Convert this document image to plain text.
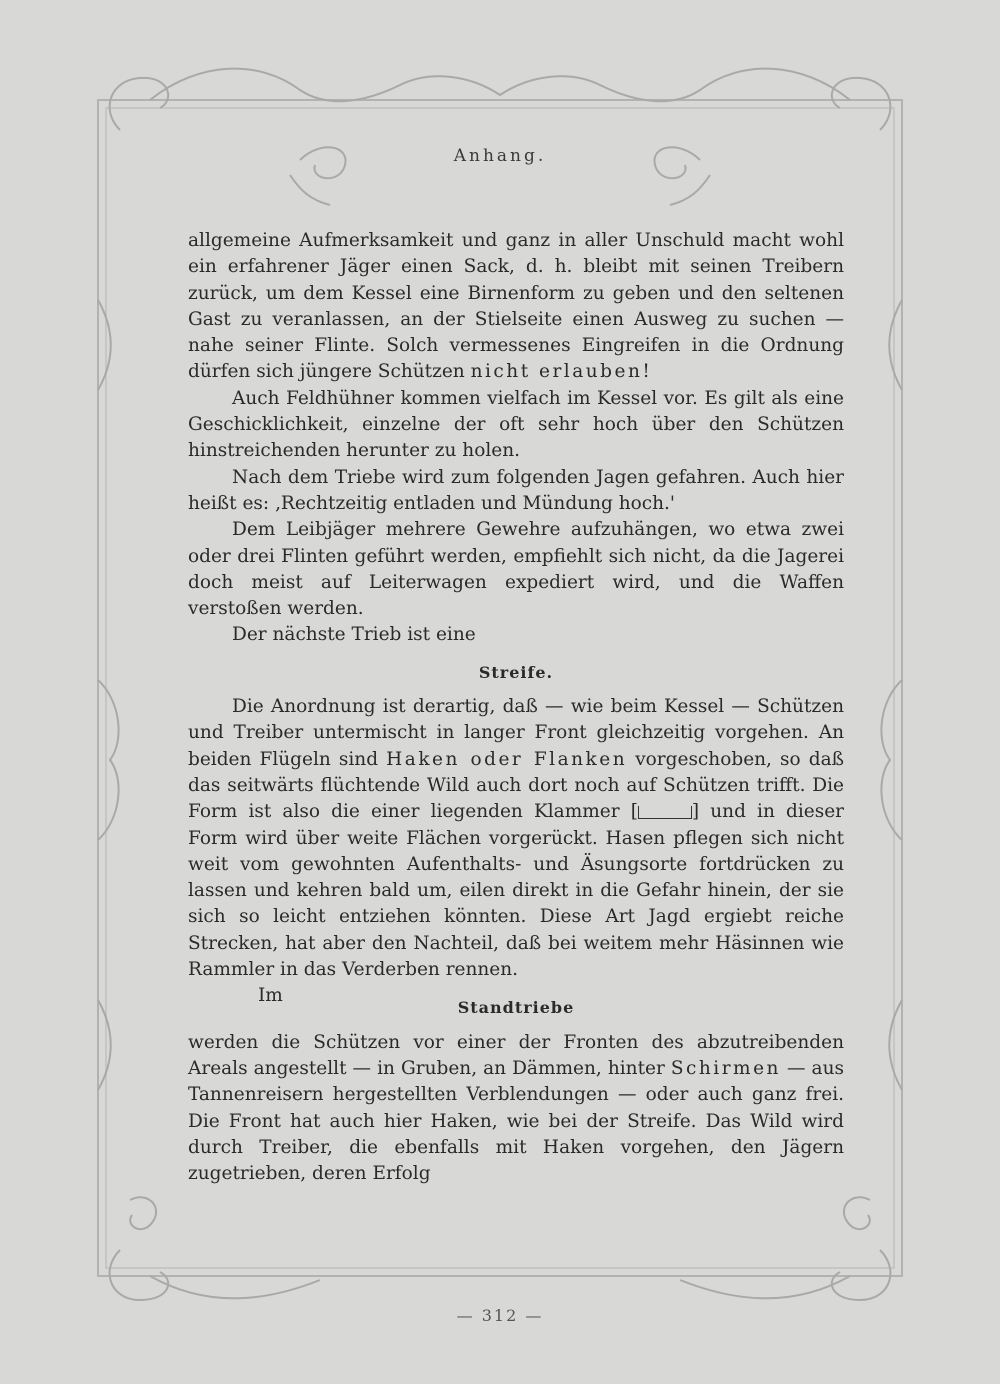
Anhang.

allgemeine Aufmerksamkeit und ganz in aller Unschuld macht wohl ein erfahrener Jäger einen Sack, d. h. bleibt mit seinen Treibern zurück, um dem Kessel eine Birnenform zu geben und den seltenen Gast zu veranlassen, an der Stielseite einen Ausweg zu suchen — nahe seiner Flinte. Solch vermessenes Eingreifen in die Ordnung dürfen sich jüngere Schützen nicht erlauben!

Auch Feldhühner kommen vielfach im Kessel vor. Es gilt als eine Geschicklichkeit, einzelne der oft sehr hoch über den Schützen hinstreichenden herunter zu holen.

Nach dem Triebe wird zum folgenden Jagen gefahren. Auch hier heißt es: ‚Rechtzeitig entladen und Mündung hoch.'

Dem Leibjäger mehrere Gewehre aufzuhängen, wo etwa zwei oder drei Flinten geführt werden, empfiehlt sich nicht, da die Jagerei doch meist auf Leiterwagen expediert wird, und die Waffen verstoßen werden.

Der nächste Trieb ist eine

Streife.

Die Anordnung ist derartig, daß — wie beim Kessel — Schützen und Treiber untermischt in langer Front gleichzeitig vorgehen. An beiden Flügeln sind Haken oder Flanken vorgeschoben, so daß das seitwärts flüchtende Wild auch dort noch auf Schützen trifft. Die Form ist also die einer liegenden Klammer [	] und in dieser Form wird über weite Flächen vorgerückt. Hasen pflegen sich nicht weit vom gewohnten Aufenthalts- und Äsungsorte fortdrücken zu lassen und kehren bald um, eilen direkt in die Gefahr hinein, der sie sich so leicht entziehen könnten. Diese Art Jagd ergiebt reiche Strecken, hat aber den Nachteil, daß bei weitem mehr Häsinnen wie Rammler in das Verderben rennen.

Im

Standtriebe

werden die Schützen vor einer der Fronten des abzutreibenden Areals angestellt — in Gruben, an Dämmen, hinter Schirmen — aus Tannenreisern hergestellten Verblendungen — oder auch ganz frei. Die Front hat auch hier Haken, wie bei der Streife. Das Wild wird durch Treiber, die ebenfalls mit Haken vorgehen, den Jägern zugetrieben, deren Erfolg

— 312 —
